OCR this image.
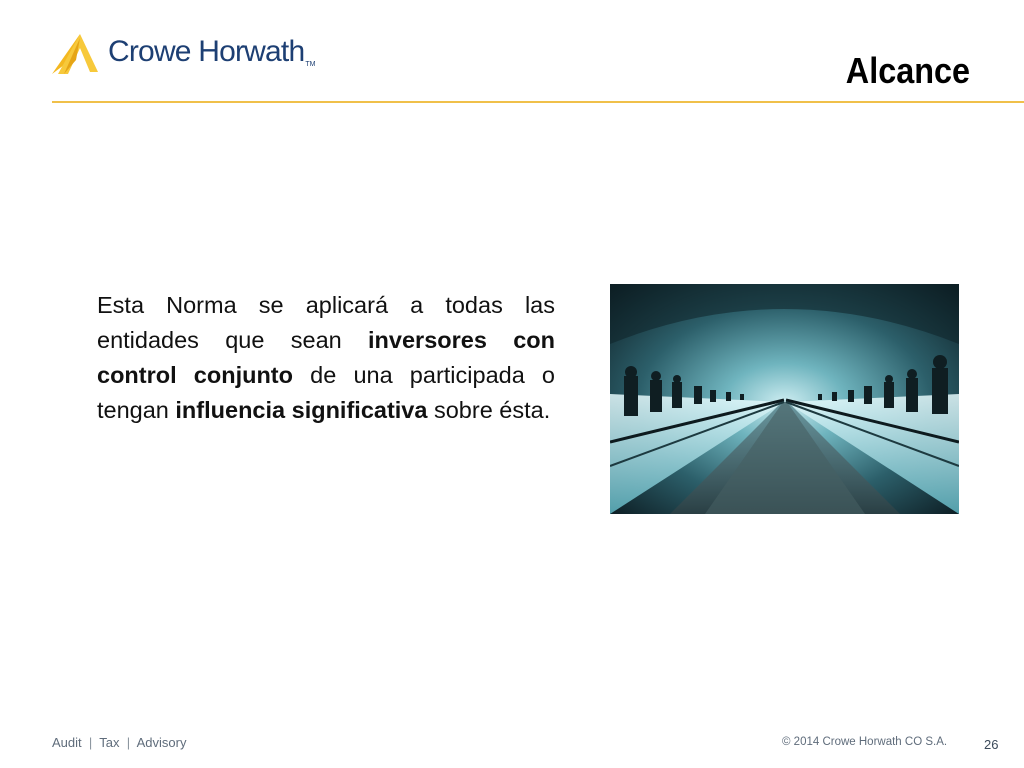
Crowe Horwath TM	Alcance

Esta Norma se aplicará a todas las entidades que sean inversores con control conjunto de una participada o tengan influencia significativa sobre ésta.

Audit | Tax | Advisory	© 2014 Crowe Horwath CO S.A.	26
